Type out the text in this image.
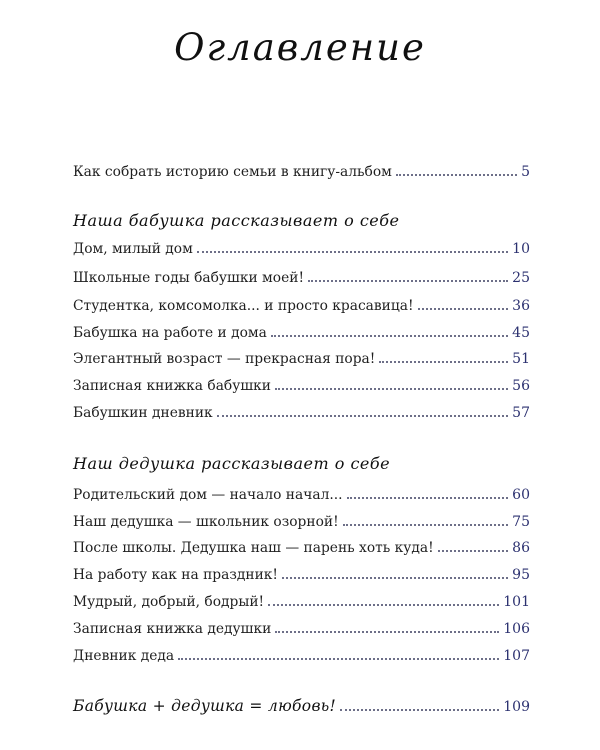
Оглавление
Как собрать историю семьи в книгу-альбом	5
Наша бабушка рассказывает о себе
Дом, милый дом	10
Школьные годы бабушки моей!	25
Студентка, комсомолка... и просто красавица!	36
Бабушка на работе и дома	45
Элегантный возраст — прекрасная пора!	51
Записная книжка бабушки	56
Бабушкин дневник	57
Наш дедушка рассказывает о себе
Родительский дом — начало начал...	60
Наш дедушка — школьник озорной!	75
После школы. Дедушка наш — парень хоть куда!	86
На работу как на праздник!	95
Мудрый, добрый, бодрый!	101
Записная книжка дедушки	106
Дневник деда	107
Бабушка + дедушка = любовь!	109
